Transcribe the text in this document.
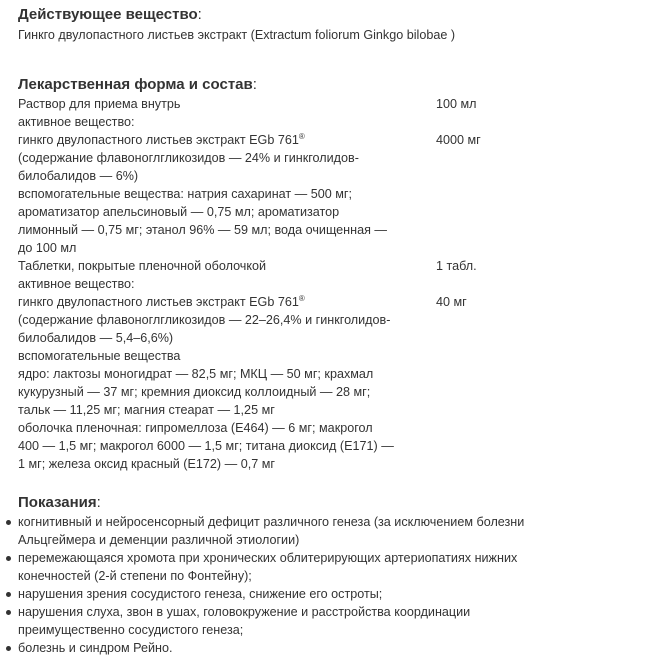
Действующее вещество:

Гинкго двулопастного листьев экстракт (Extractum foliorum Ginkgo bilobae )

Лекарственная форма и состав:

Раствор для приема внутрь	100 мл

активное вещество:

гинкго двулопастного листьев экстракт EGb 761®	4000 мг

(содержание флавоноглгликозидов — 24% и гинкголидов-

билобалидов — 6%)

вспомогательные вещества: натрия сахаринат — 500 мг;

ароматизатор апельсиновый — 0,75 мл; ароматизатор

лимонный — 0,75 мг; этанол 96% — 59 мл; вода очищенная —

до 100 мл

Таблетки, покрытые пленочной оболочкой	1 табл.

активное вещество:

гинкго двулопастного листьев экстракт EGb 761®	40 мг

(содержание флавоноглгликозидов — 22–26,4% и гинкголидов-

билобалидов — 5,4–6,6%)

вспомогательные вещества

ядро: лактозы моногидрат — 82,5 мг; МКЦ — 50 мг; крахмал

кукурузный — 37 мг; кремния диоксид коллоидный — 28 мг;

тальк — 11,25 мг; магния стеарат — 1,25 мг

оболочка пленочная: гипромеллоза (Е464) — 6 мг; макрогол

400 — 1,5 мг; макрогол 6000 — 1,5 мг; титана диоксид (Е171) —

1 мг; железа оксид красный (Е172) — 0,7 мг

Показания:

когнитивный и нейросенсорный дефицит различного генеза (за исключением болезни

Альцгеймера и деменции различной этиологии)

перемежающаяся хромота при хронических облитерирующих артериопатиях нижних

конечностей (2-й степени по Фонтейну);

нарушения зрения сосудистого генеза, снижение его остроты;

нарушения слуха, звон в ушах, головокружение и расстройства координации

преимущественно сосудистого генеза;

болезнь и синдром Рейно.
